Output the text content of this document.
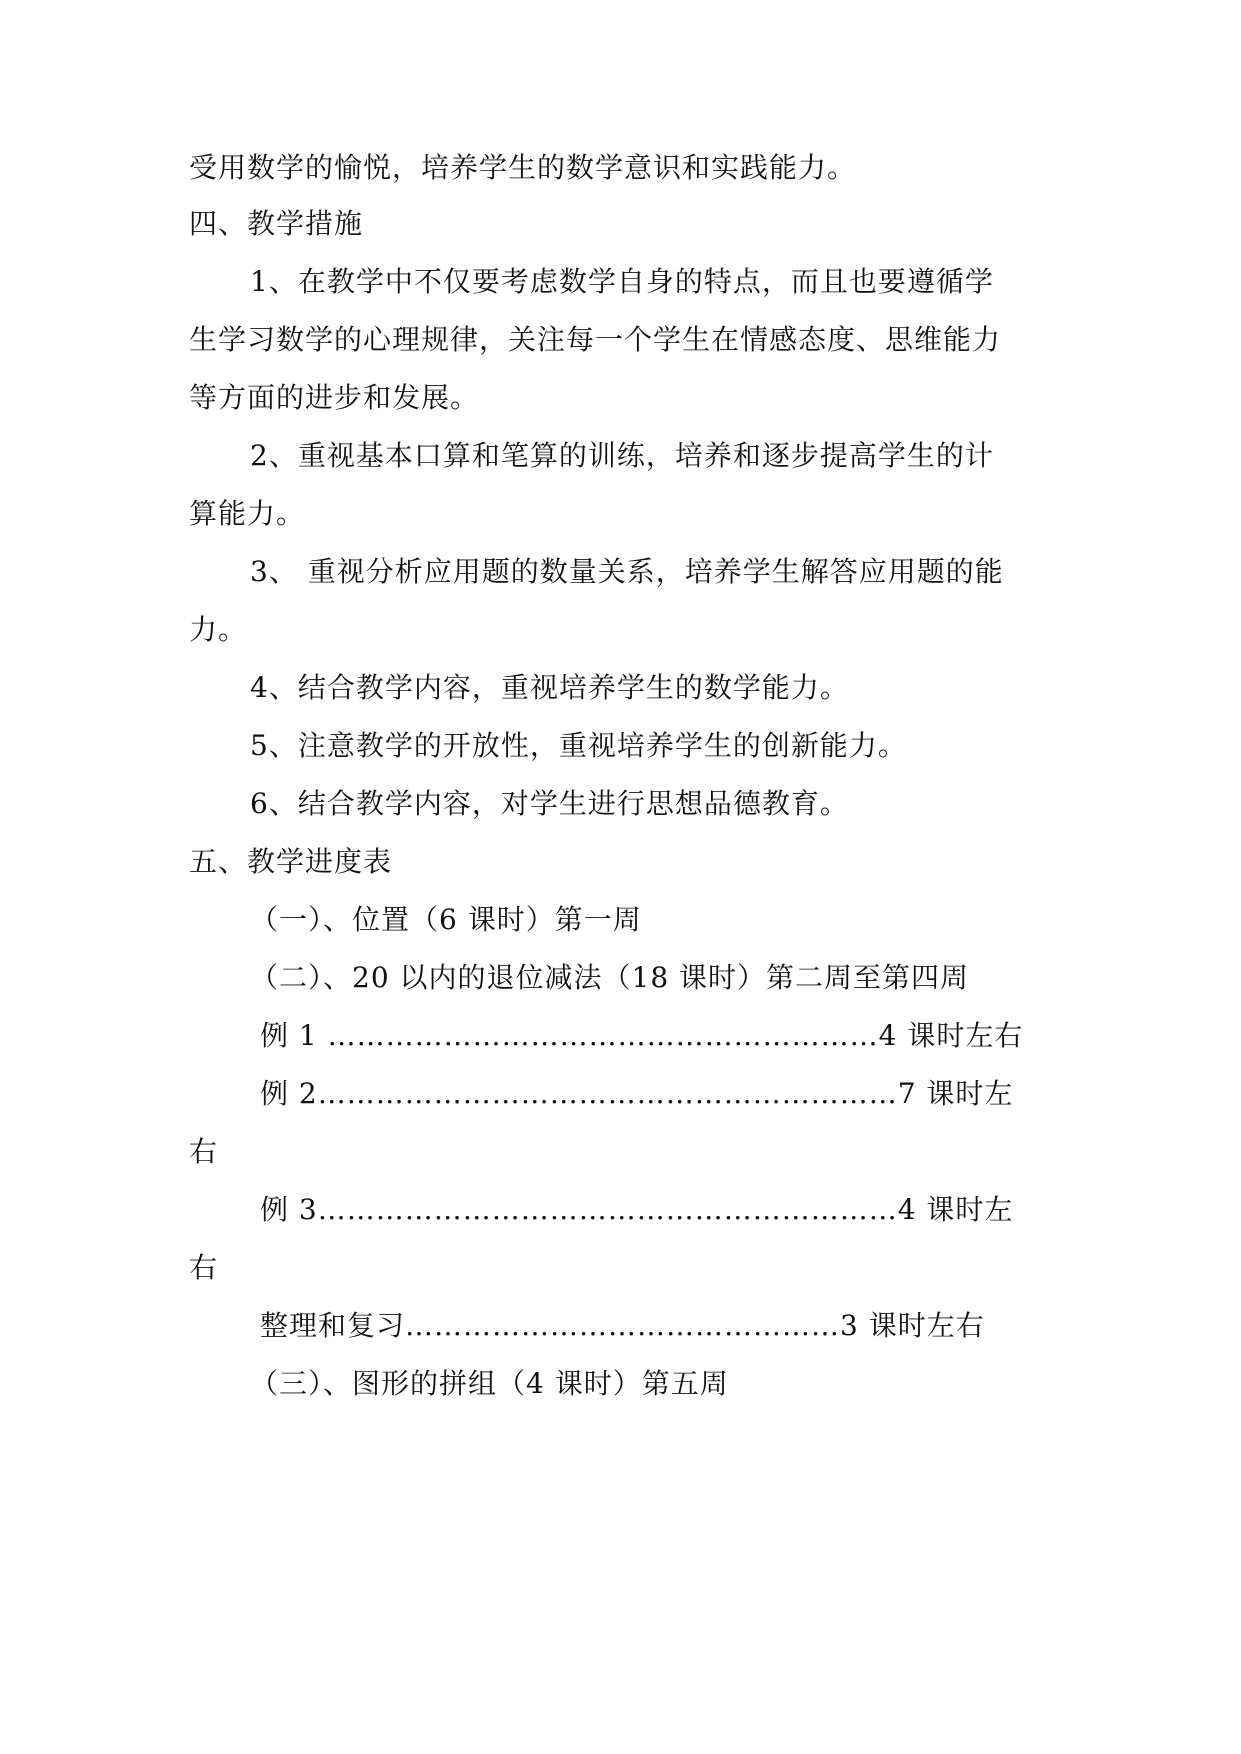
受用数学的愉悦，培养学生的数学意识和实践能力。
四、教学措施
1、在教学中不仅要考虑数学自身的特点，而且也要遵循学
生学习数学的心理规律，关注每一个学生在情感态度、思维能力
等方面的进步和发展。
2、重视基本口算和笔算的训练，培养和逐步提高学生的计
算能力。
3、 重视分析应用题的数量关系，培养学生解答应用题的能
力。
4、结合教学内容，重视培养学生的数学能力。
5、注意教学的开放性，重视培养学生的创新能力。
6、结合教学内容，对学生进行思想品德教育。
五、教学进度表
（一）、位置（6 课时）第一周
（二）、20 以内的退位减法（18 课时）第二周至第四周
例 1 …………………………………………………4 课时左右
例 2……………………………………………………7 课时左
右
例 3……………………………………………………4 课时左
右
整理和复习………………………………………3 课时左右
（三）、图形的拼组（4 课时）第五周
